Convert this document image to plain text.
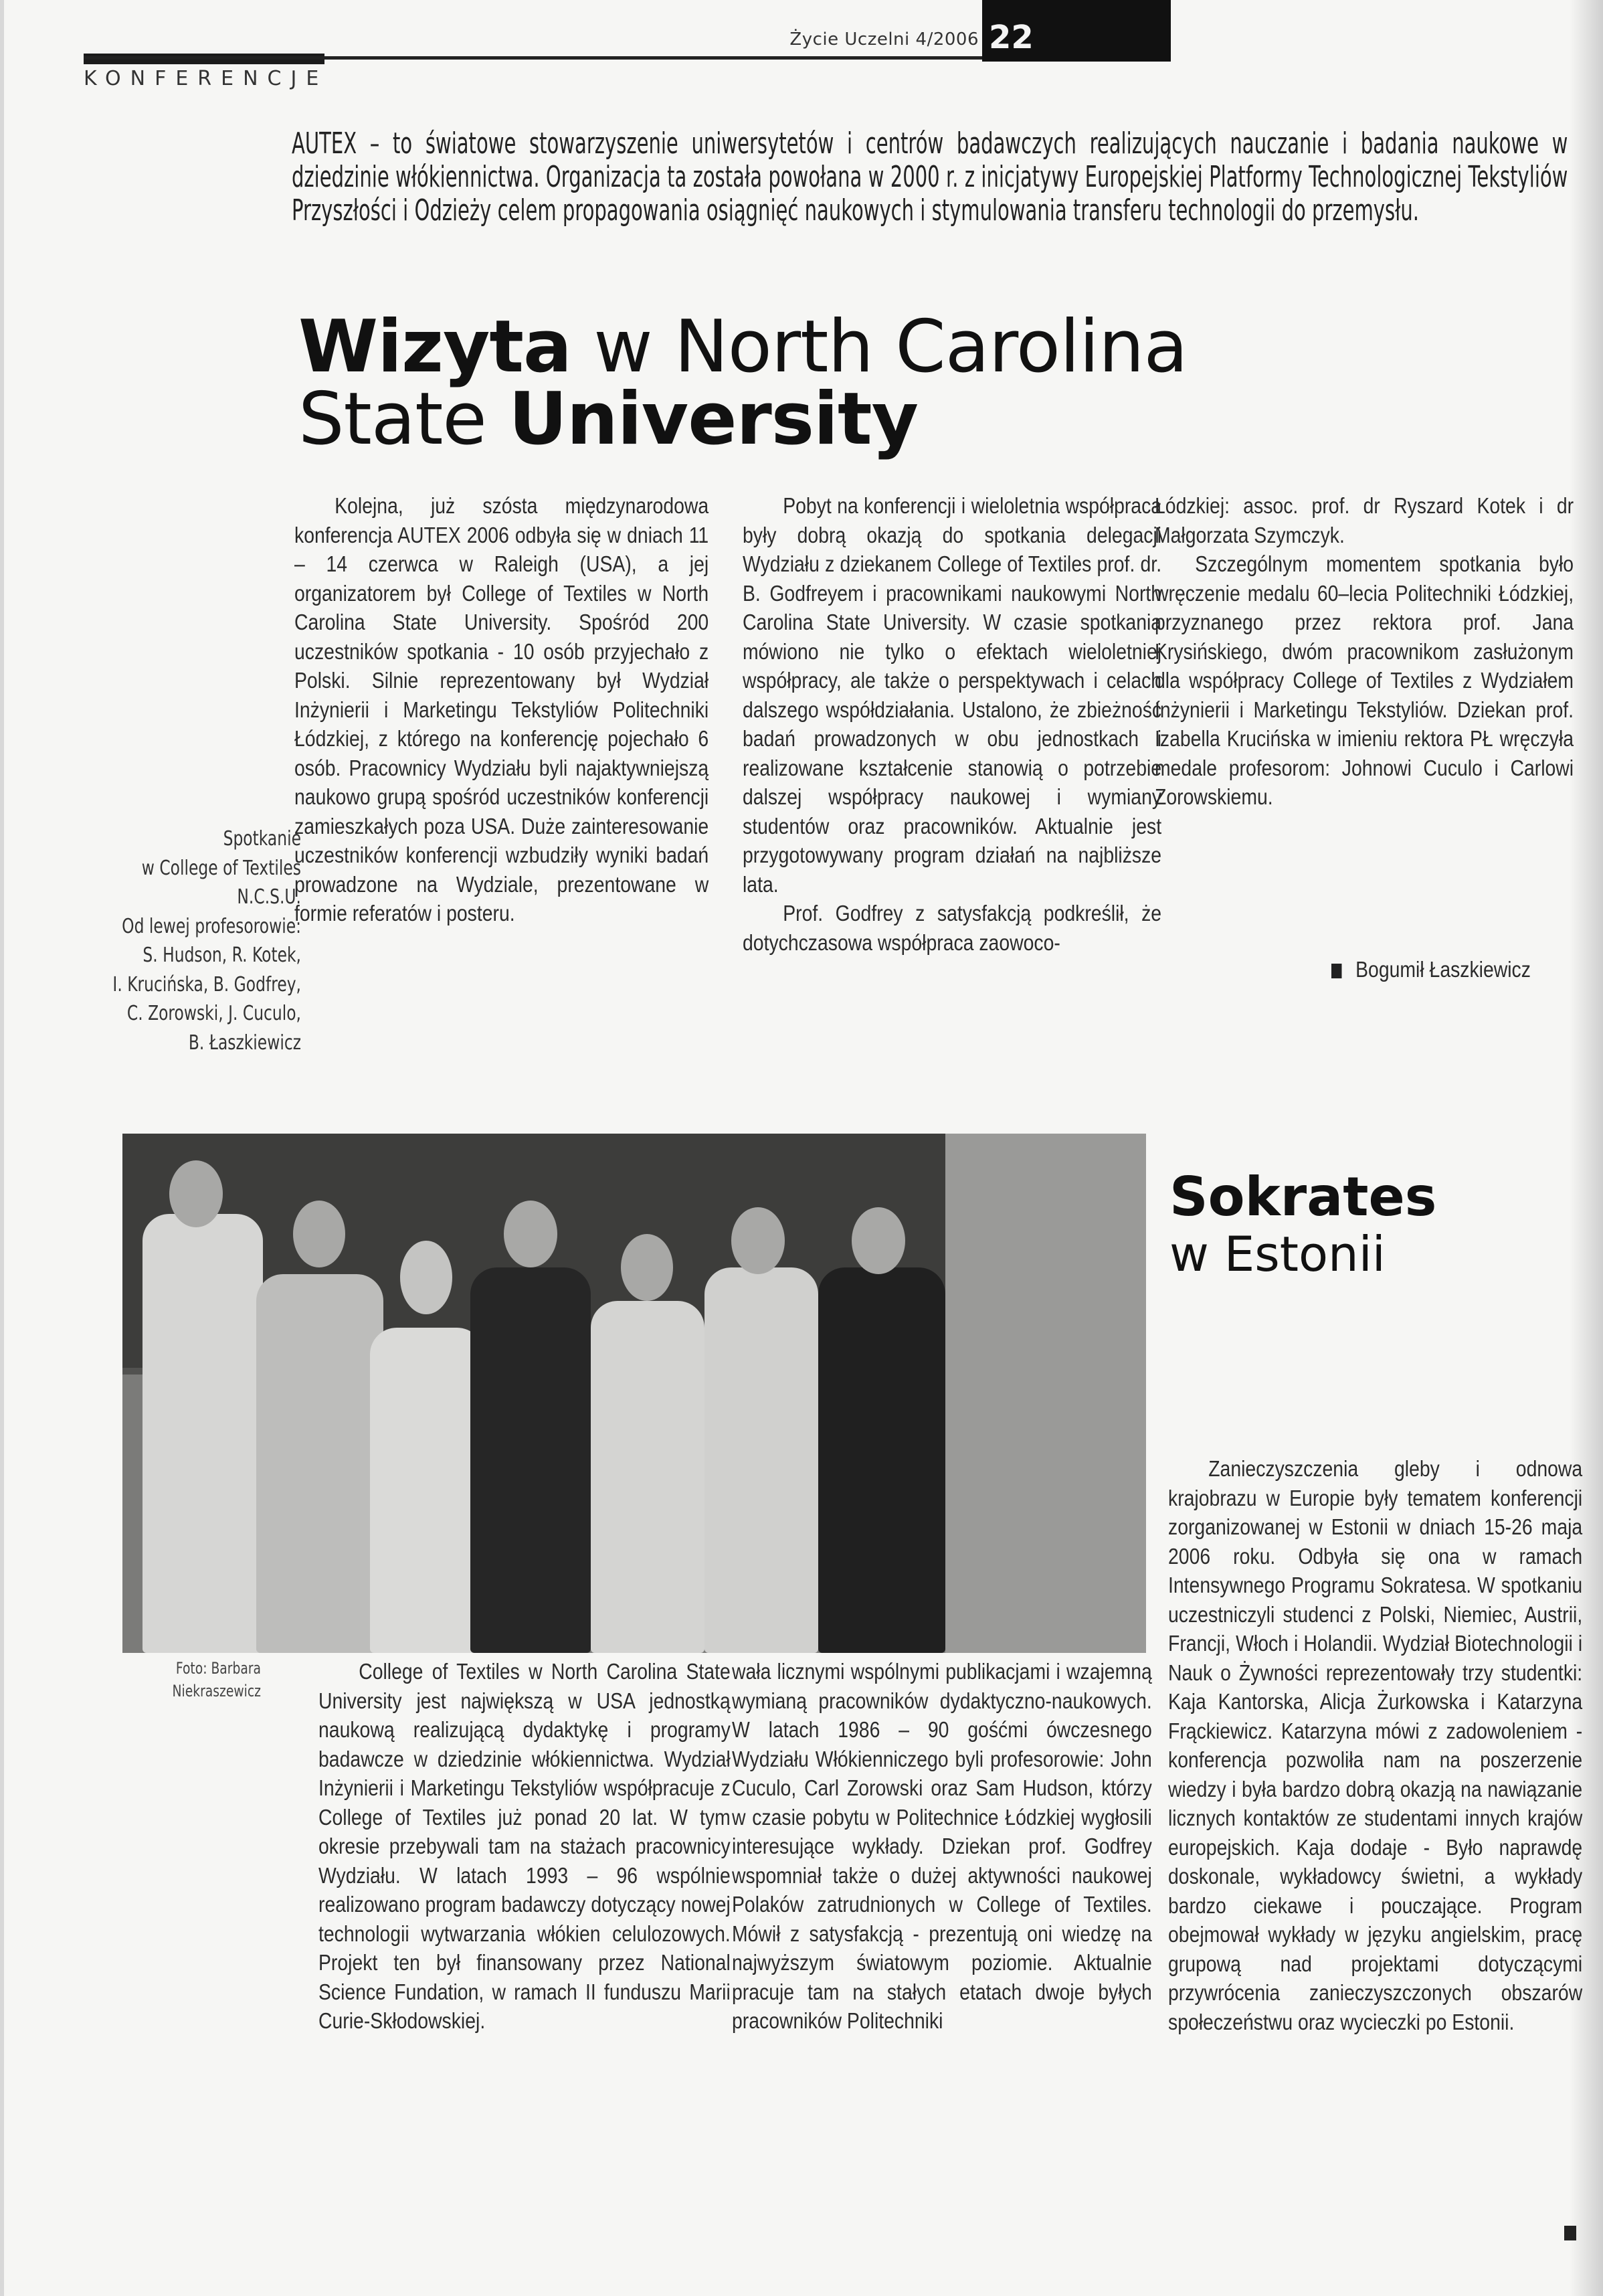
Życie Uczelni 4/2006 22
KONFERENCJE
AUTEX – to światowe stowarzyszenie uniwersytetów i centrów badawczych realizujących nauczanie i badania naukowe w dziedzinie włókiennictwa. Organizacja ta została powołana w 2000 r. z inicjatywy Europejskiej Platformy Technologicznej Tekstyliów Przyszłości i Odzieży celem propagowania osiągnięć naukowych i stymulowania transferu technologii do przemysłu.
Wizyta w North Carolina
State University
Spotkanie
w College of Textiles
N.C.S.U.
Od lewej profesorowie:
S. Hudson, R. Kotek,
I. Krucińska, B. Godfrey,
C. Zorowski, J. Cuculo,
B. Łaszkiewicz

Kolejna, już szósta międzynarodowa konferencja AUTEX 2006 odbyła się w dniach 11 – 14 czerwca w Raleigh (USA), a jej organizatorem był College of Textiles w North Carolina State University. Spośród 200 uczestników spotkania - 10 osób przyjechało z Polski. Silnie reprezentowany był Wydział Inżynierii i Marketingu Tekstyliów Politechniki Łódzkiej, z którego na konferencję pojechało 6 osób. Pracownicy Wydziału byli najaktywniejszą naukowo grupą spośród uczestników konferencji zamieszkałych poza USA. Duże zainteresowanie uczestników konferencji wzbudziły wyniki badań prowadzone na Wydziale, prezentowane w formie referatów i posteru.

Pobyt na konferencji i wieloletnia współpraca były dobrą okazją do spotkania delegacji Wydziału z dziekanem College of Textiles prof. dr. B. Godfreyem i pracownikami naukowymi North Carolina State University. W czasie spotkania mówiono nie tylko o efektach wieloletniej współpracy, ale także o perspektywach i celach dalszego współdziałania. Ustalono, że zbieżność badań prowadzonych w obu jednostkach i realizowane kształcenie stanowią o potrzebie dalszej współpracy naukowej i wymiany studentów oraz pracowników. Aktualnie jest przygotowywany program działań na najbliższe lata.

Prof. Godfrey z satysfakcją podkreślił, że dotychczasowa współpraca zaowoco-

Łódzkiej: assoc. prof. dr Ryszard Kotek i dr Małgorzata Szymczyk.

Szczególnym momentem spotkania było wręczenie medalu 60–lecia Politechniki Łódzkiej, przyznanego przez rektora prof. Jana Krysińskiego, dwóm pracownikom zasłużonym dla współpracy College of Textiles z Wydziałem Inżynierii i Marketingu Tekstyliów. Dziekan prof. Izabella Krucińska w imieniu rektora PŁ wręczyła medale profesorom: Johnowi Cuculo i Carlowi Zorowskiemu.

Bogumił Łaszkiewicz
Foto: Barbara
Niekraszewicz

College of Textiles w North Carolina State University jest największą w USA jednostką naukową realizującą dydaktykę i programy badawcze w dziedzinie włókiennictwa. Wydział Inżynierii i Marketingu Tekstyliów współpracuje z College of Textiles już ponad 20 lat. W tym okresie przebywali tam na stażach pracownicy Wydziału. W latach 1993 – 96 wspólnie realizowano program badawczy dotyczący nowej technologii wytwarzania włókien celulozowych. Projekt ten był finansowany przez National Science Fundation, w ramach II funduszu Marii Curie-Skłodowskiej.

wała licznymi wspólnymi publikacjami i wzajemną wymianą pracowników dydaktyczno-naukowych. W latach 1986 – 90 gośćmi ówczesnego Wydziału Włókienniczego byli profesorowie: John Cuculo, Carl Zorowski oraz Sam Hudson, którzy w czasie pobytu w Politechnice Łódzkiej wygłosili interesujące wykłady. Dziekan prof. Godfrey wspomniał także o dużej aktywności naukowej Polaków zatrudnionych w College of Textiles. Mówił z satysfakcją - prezentują oni wiedzę na najwyższym światowym poziomie. Aktualnie pracuje tam na stałych etatach dwoje byłych pracowników Politechniki

Sokrates
w Estonii

Zanieczyszczenia gleby i odnowa krajobrazu w Europie były tematem konferencji zorganizowanej w Estonii w dniach 15-26 maja 2006 roku. Odbyła się ona w ramach Intensywnego Programu Sokratesa. W spotkaniu uczestniczyli studenci z Polski, Niemiec, Austrii, Francji, Włoch i Holandii. Wydział Biotechnologii i Nauk o Żywności reprezentowały trzy studentki: Kaja Kantorska, Alicja Żurkowska i Katarzyna Frąckiewicz. Katarzyna mówi z zadowoleniem - konferencja pozwoliła nam na poszerzenie wiedzy i była bardzo dobrą okazją na nawiązanie licznych kontaktów ze studentami innych krajów europejskich. Kaja dodaje - Było naprawdę doskonale, wykładowcy świetni, a wykłady bardzo ciekawe i pouczające. Program obejmował wykłady w języku angielskim, pracę grupową nad projektami dotyczącymi przywrócenia zanieczyszczonych obszarów społeczeństwu oraz wycieczki po Estonii.
